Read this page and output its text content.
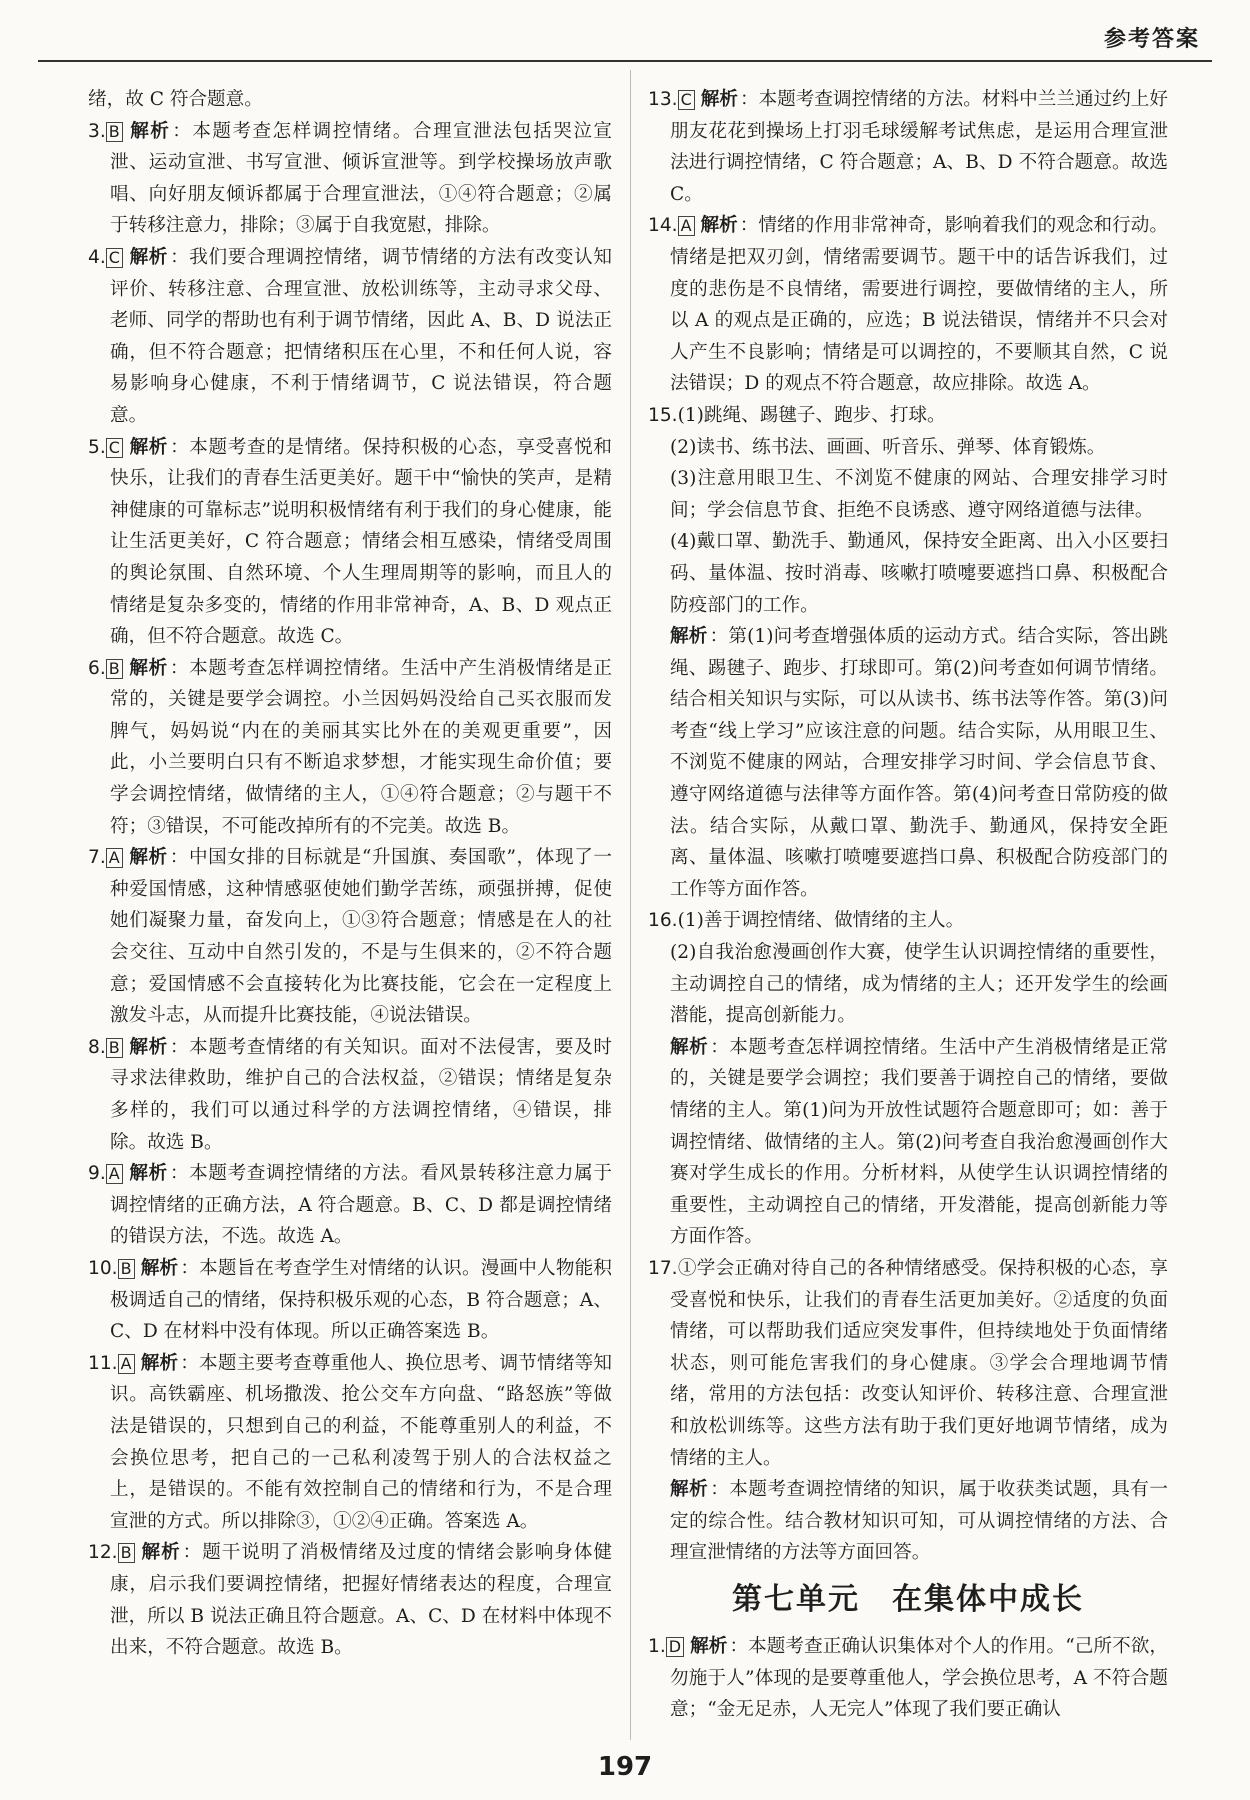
参考答案

绪，故 C 符合题意。

3. B 解析 ：本题考查怎样调控情绪。合理宣泄法包括哭泣宣泄、运动宣泄、书写宣泄、倾诉宣泄等。到学校操场放声歌唱、向好朋友倾诉都属于合理宣泄法，①④符合题意；②属于转移注意力，排除；③属于自我宽慰，排除。

4. C 解析 ：我们要合理调控情绪，调节情绪的方法有改变认知评价、转移注意、合理宣泄、放松训练等，主动寻求父母、老师、同学的帮助也有利于调节情绪，因此 A、B、D 说法正确，但不符合题意；把情绪积压在心里，不和任何人说，容易影响身心健康，不利于情绪调节，C 说法错误，符合题意。

5. C 解析 ：本题考查的是情绪。保持积极的心态，享受喜悦和快乐，让我们的青春生活更美好。题干中“愉快的笑声，是精神健康的可靠标志”说明积极情绪有利于我们的身心健康，能让生活更美好，C 符合题意；情绪会相互感染，情绪受周围的舆论氛围、自然环境、个人生理周期等的影响，而且人的情绪是复杂多变的，情绪的作用非常神奇，A、B、D 观点正确，但不符合题意。故选 C。

6. B 解析 ：本题考查怎样调控情绪。生活中产生消极情绪是正常的，关键是要学会调控。小兰因妈妈没给自己买衣服而发脾气，妈妈说“内在的美丽其实比外在的美观更重要”，因此，小兰要明白只有不断追求梦想，才能实现生命价值；要学会调控情绪，做情绪的主人，①④符合题意；②与题干不符；③错误，不可能改掉所有的不完美。故选 B。

7. A 解析 ：中国女排的目标就是“升国旗、奏国歌”，体现了一种爱国情感，这种情感驱使她们勤学苦练，顽强拼搏，促使她们凝聚力量，奋发向上，①③符合题意；情感是在人的社会交往、互动中自然引发的，不是与生俱来的，②不符合题意；爱国情感不会直接转化为比赛技能，它会在一定程度上激发斗志，从而提升比赛技能，④说法错误。

8. B 解析 ：本题考查情绪的有关知识。面对不法侵害，要及时寻求法律救助，维护自己的合法权益，②错误；情绪是复杂多样的，我们可以通过科学的方法调控情绪，④错误，排除。故选 B。

9. A 解析 ：本题考查调控情绪的方法。看风景转移注意力属于调控情绪的正确方法，A 符合题意。B、C、D 都是调控情绪的错误方法，不选。故选 A。

10. B 解析 ：本题旨在考查学生对情绪的认识。漫画中人物能积极调适自己的情绪，保持积极乐观的心态，B 符合题意；A、C、D 在材料中没有体现。所以正确答案选 B。

11. A 解析 ：本题主要考查尊重他人、换位思考、调节情绪等知识。高铁霸座、机场撒泼、抢公交车方向盘、“路怒族”等做法是错误的，只想到自己的利益，不能尊重别人的利益，不会换位思考，把自己的一己私利凌驾于别人的合法权益之上，是错误的。不能有效控制自己的情绪和行为，不是合理宣泄的方式。所以排除③，①②④正确。答案选 A。

12. B 解析 ：题干说明了消极情绪及过度的情绪会影响身体健康，启示我们要调控情绪，把握好情绪表达的程度，合理宣泄，所以 B 说法正确且符合题意。A、C、D 在材料中体现不出来，不符合题意。故选 B。

13. C 解析 ：本题考查调控情绪的方法。材料中兰兰通过约上好朋友花花到操场上打羽毛球缓解考试焦虑，是运用合理宣泄法进行调控情绪，C 符合题意；A、B、D 不符合题意。故选 C。

14. A 解析 ：情绪的作用非常神奇，影响着我们的观念和行动。情绪是把双刃剑，情绪需要调节。题干中的话告诉我们，过度的悲伤是不良情绪，需要进行调控，要做情绪的主人，所以 A 的观点是正确的，应选；B 说法错误，情绪并不只会对人产生不良影响；情绪是可以调控的，不要顺其自然，C 说法错误；D 的观点不符合题意，故应排除。故选 A。

15.(1)跳绳、踢毽子、跑步、打球。

(2)读书、练书法、画画、听音乐、弹琴、体育锻炼。

(3)注意用眼卫生、不浏览不健康的网站、合理安排学习时间；学会信息节食、拒绝不良诱惑、遵守网络道德与法律。

(4)戴口罩、勤洗手、勤通风，保持安全距离、出入小区要扫码、量体温、按时消毒、咳嗽打喷嚏要遮挡口鼻、积极配合防疫部门的工作。

解析 ：第(1)问考查增强体质的运动方式。结合实际，答出跳绳、踢毽子、跑步、打球即可。第(2)问考查如何调节情绪。结合相关知识与实际，可以从读书、练书法等作答。第(3)问考查“线上学习”应该注意的问题。结合实际，从用眼卫生、不浏览不健康的网站，合理安排学习时间、学会信息节食、遵守网络道德与法律等方面作答。第(4)问考查日常防疫的做法。结合实际，从戴口罩、勤洗手、勤通风，保持安全距离、量体温、咳嗽打喷嚏要遮挡口鼻、积极配合防疫部门的工作等方面作答。

16.(1)善于调控情绪、做情绪的主人。

(2)自我治愈漫画创作大赛，使学生认识调控情绪的重要性，主动调控自己的情绪，成为情绪的主人；还开发学生的绘画潜能，提高创新能力。

解析 ：本题考查怎样调控情绪。生活中产生消极情绪是正常的，关键是要学会调控；我们要善于调控自己的情绪，要做情绪的主人。第(1)问为开放性试题符合题意即可；如：善于调控情绪、做情绪的主人。第(2)问考查自我治愈漫画创作大赛对学生成长的作用。分析材料，从使学生认识调控情绪的重要性，主动调控自己的情绪，开发潜能，提高创新能力等方面作答。

17.①学会正确对待自己的各种情绪感受。保持积极的心态，享受喜悦和快乐，让我们的青春生活更加美好。②适度的负面情绪，可以帮助我们适应突发事件，但持续地处于负面情绪状态，则可能危害我们的身心健康。③学会合理地调节情绪，常用的方法包括：改变认知评价、转移注意、合理宣泄和放松训练等。这些方法有助于我们更好地调节情绪，成为情绪的主人。

解析 ：本题考查调控情绪的知识，属于收获类试题，具有一定的综合性。结合教材知识可知，可从调控情绪的方法、合理宣泄情绪的方法等方面回答。

第七单元　在集体中成长

1. D 解析 ：本题考查正确认识集体对个人的作用。“己所不欲，勿施于人”体现的是要尊重他人，学会换位思考，A 不符合题意；“金无足赤，人无完人”体现了我们要正确认

197
